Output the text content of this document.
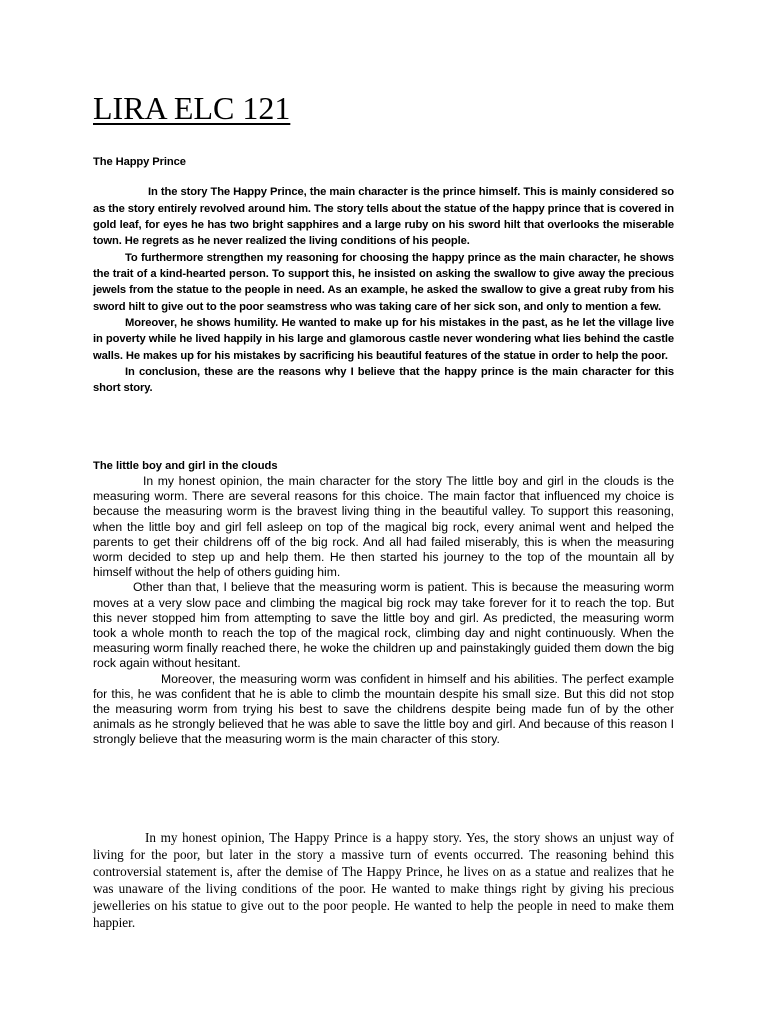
LIRA ELC 121

The Happy Prince

In the story The Happy Prince, the main character is the prince himself. This is mainly considered so as the story entirely revolved around him. The story tells about the statue of the happy prince that is covered in gold leaf, for eyes he has two bright sapphires and a large ruby on his sword hilt that overlooks the miserable town. He regrets as he never realized the living conditions of his people.

To furthermore strengthen my reasoning for choosing the happy prince as the main character, he shows the trait of a kind-hearted person. To support this, he insisted on asking the swallow to give away the precious jewels from the statue to the people in need. As an example, he asked the swallow to give a great ruby from his sword hilt to give out to the poor seamstress who was taking care of her sick son, and only to mention a few.

Moreover, he shows humility. He wanted to make up for his mistakes in the past, as he let the village live in poverty while he lived happily in his large and glamorous castle never wondering what lies behind the castle walls. He makes up for his mistakes by sacrificing his beautiful features of the statue in order to help the poor.

In conclusion, these are the reasons why I believe that the happy prince is the main character for this short story.

The little boy and girl in the clouds

In my honest opinion, the main character for the story The little boy and girl in the clouds is the measuring worm. There are several reasons for this choice. The main factor that influenced my choice is because the measuring worm is the bravest living thing in the beautiful valley. To support this reasoning, when the little boy and girl fell asleep on top of the magical big rock, every animal went and helped the parents to get their childrens off of the big rock. And all had failed miserably, this is when the measuring worm decided to step up and help them. He then started his journey to the top of the mountain all by himself without the help of others guiding him.

Other than that, I believe that the measuring worm is patient. This is because the measuring worm moves at a very slow pace and climbing the magical big rock may take forever for it to reach the top. But this never stopped him from attempting to save the little boy and girl. As predicted, the measuring worm took a whole month to reach the top of the magical rock, climbing day and night continuously. When the measuring worm finally reached there, he woke the children up and painstakingly guided them down the big rock again without hesitant.

Moreover, the measuring worm was confident in himself and his abilities. The perfect example for this, he was confident that he is able to climb the mountain despite his small size. But this did not stop the measuring worm from trying his best to save the childrens despite being made fun of by the other animals as he strongly believed that he was able to save the little boy and girl. And because of this reason I strongly believe that the measuring worm is the main character of this story.

In my honest opinion, The Happy Prince is a happy story. Yes, the story shows an unjust way of living for the poor, but later in the story a massive turn of events occurred. The reasoning behind this controversial statement is, after the demise of The Happy Prince, he lives on as a statue and realizes that he was unaware of the living conditions of the poor. He wanted to make things right by giving his precious jewelleries on his statue to give out to the poor people. He wanted to help the people in need to make them happier.
